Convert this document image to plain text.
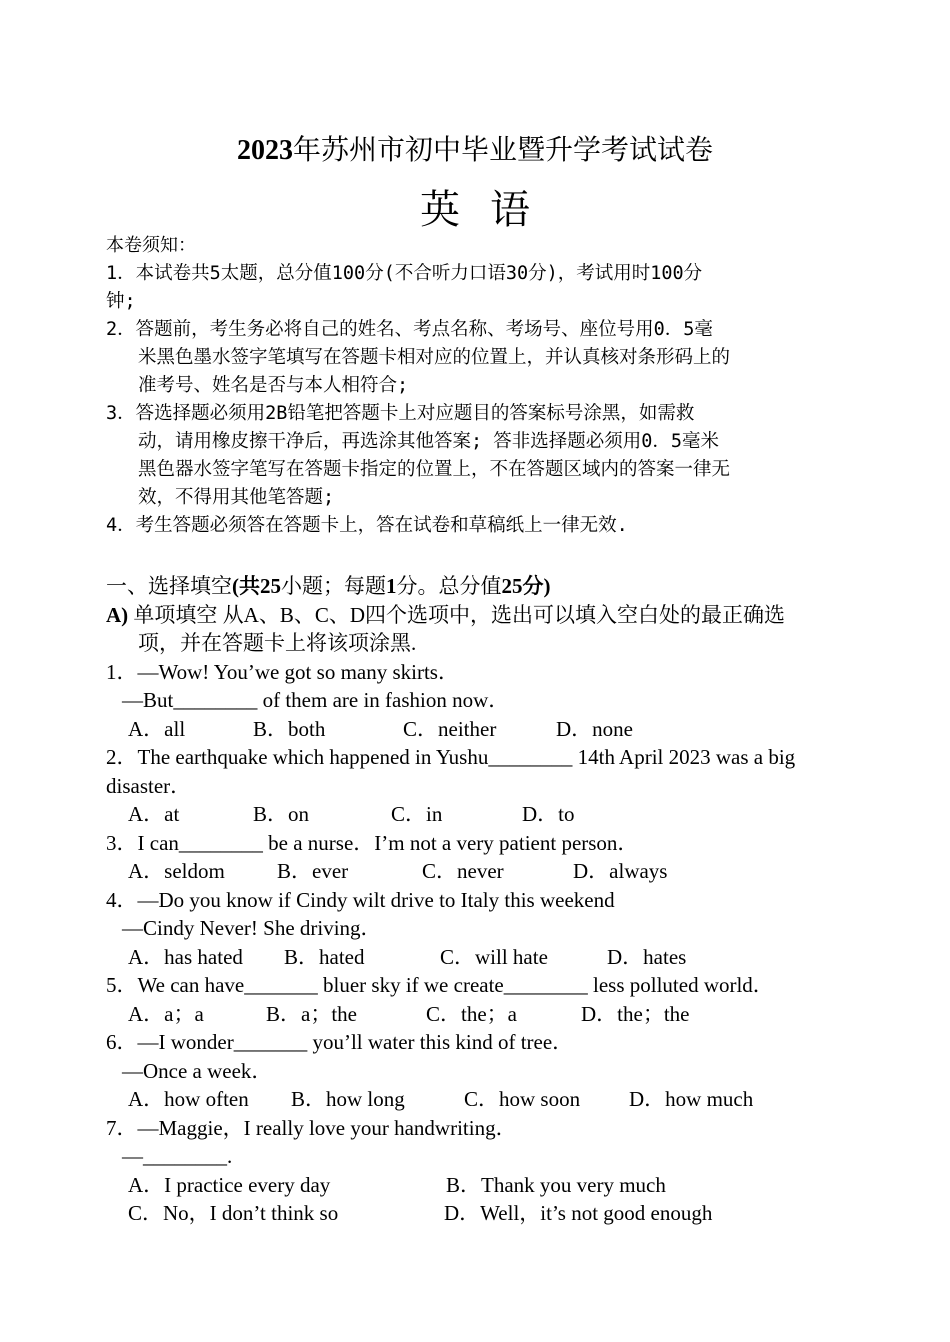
2023年苏州市初中毕业暨升学考试试卷
英语
本卷须知：
1．本试卷共5太题，总分值100分(不合听力口语30分)，考试用时100分
钟;
2．答题前，考生务必将自己的姓名、考点名称、考场号、座位号用0．5毫
米黑色墨水签字笔填写在答题卡相对应的位置上，并认真核对条形码上的
准考号、姓名是否与本人相符合;
3．答选择题必须用2B铅笔把答题卡上对应题目的答案标号涂黑，如需救
动，请用橡皮擦干净后，再选涂其他答案; 答非选择题必须用0．5毫米
黑色器水签字笔写在答题卡指定的位置上，不在答题区域内的答案一律无
效，不得用其他笔答题;
4．考生答题必须答在答题卡上，答在试卷和草稿纸上一律无效.
一、选择填空(共25小题；每题1分。总分值25分)
A) 单项填空 从A、B、C、D四个选项中，选出可以填入空白处的最正确选
项，并在答题卡上将该项涂黑.
1．—Wow! You’we got so many skirts．
—But________ of them are in fashion now．
A．all	B．both	C．neither	D．none
2．The earthquake which happened in Yushu________ 14th April 2023 was a big
disaster．
A．at	B．on	C．in	D．to
3．I can________ be a nurse．I’m not a very patient person．
A．seldom B．ever	C．never	D．always
4．—Do you know if Cindy wilt drive to Italy this weekend
—Cindy Never! She driving．
A．has hated B．hated	C．will hate	D．hates
5．We can have_______ bluer sky if we create________ less polluted world．
A．a；a	B．a；the	C．the；a	D．the；the
6．—I wonder_______ you’ll water this kind of tree．
—Once a week．
A．how often B．how long	C．how soon D．how much
7．—Maggie，I really love your handwriting．
—________.
A．I practice every day	B．Thank you very much
C．No，I don’t think so	D．Well，it’s not good enough
